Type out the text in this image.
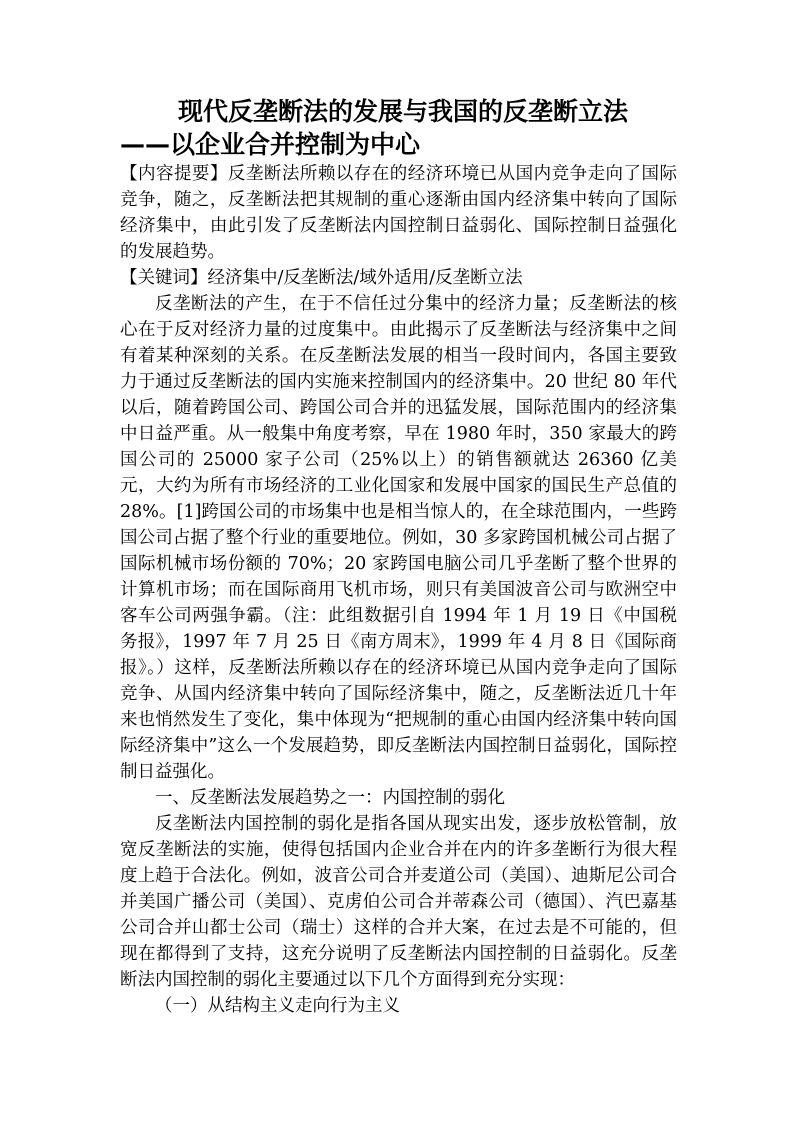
现代反垄断法的发展与我国的反垄断立法
——以企业合并控制为中心

【内容提要】反垄断法所赖以存在的经济环境已从国内竞争走向了国际竞争，随之，反垄断法把其规制的重心逐渐由国内经济集中转向了国际经济集中，由此引发了反垄断法内国控制日益弱化、国际控制日益强化的发展趋势。

【关键词】经济集中/反垄断法/域外适用/反垄断立法

反垄断法的产生，在于不信任过分集中的经济力量；反垄断法的核心在于反对经济力量的过度集中。由此揭示了反垄断法与经济集中之间有着某种深刻的关系。在反垄断法发展的相当一段时间内，各国主要致力于通过反垄断法的国内实施来控制国内的经济集中。20 世纪 80 年代以后，随着跨国公司、跨国公司合并的迅猛发展，国际范围内的经济集中日益严重。从一般集中角度考察，早在 1980 年时，350 家最大的跨国公司的 25000 家子公司（25%以上）的销售额就达 26360 亿美元，大约为所有市场经济的工业化国家和发展中国家的国民生产总值的 28%。[1]跨国公司的市场集中也是相当惊人的，在全球范围内，一些跨国公司占据了整个行业的重要地位。例如，30 多家跨国机械公司占据了国际机械市场份额的 70%；20 家跨国电脑公司几乎垄断了整个世界的计算机市场；而在国际商用飞机市场，则只有美国波音公司与欧洲空中客车公司两强争霸。（注：此组数据引自 1994 年 1 月 19 日《中国税务报》，1997 年 7 月 25 日《南方周末》，1999 年 4 月 8 日《国际商报》。）这样，反垄断法所赖以存在的经济环境已从国内竞争走向了国际竞争、从国内经济集中转向了国际经济集中，随之，反垄断法近几十年来也悄然发生了变化，集中体现为“把规制的重心由国内经济集中转向国际经济集中”这么一个发展趋势，即反垄断法内国控制日益弱化，国际控制日益强化。

一、反垄断法发展趋势之一：内国控制的弱化

反垄断法内国控制的弱化是指各国从现实出发，逐步放松管制，放宽反垄断法的实施，使得包括国内企业合并在内的许多垄断行为很大程度上趋于合法化。例如，波音公司合并麦道公司（美国）、迪斯尼公司合并美国广播公司（美国）、克虏伯公司合并蒂森公司（德国）、汽巴嘉基公司合并山都士公司（瑞士）这样的合并大案，在过去是不可能的，但现在都得到了支持，这充分说明了反垄断法内国控制的日益弱化。反垄断法内国控制的弱化主要通过以下几个方面得到充分实现：

（一）从结构主义走向行为主义
